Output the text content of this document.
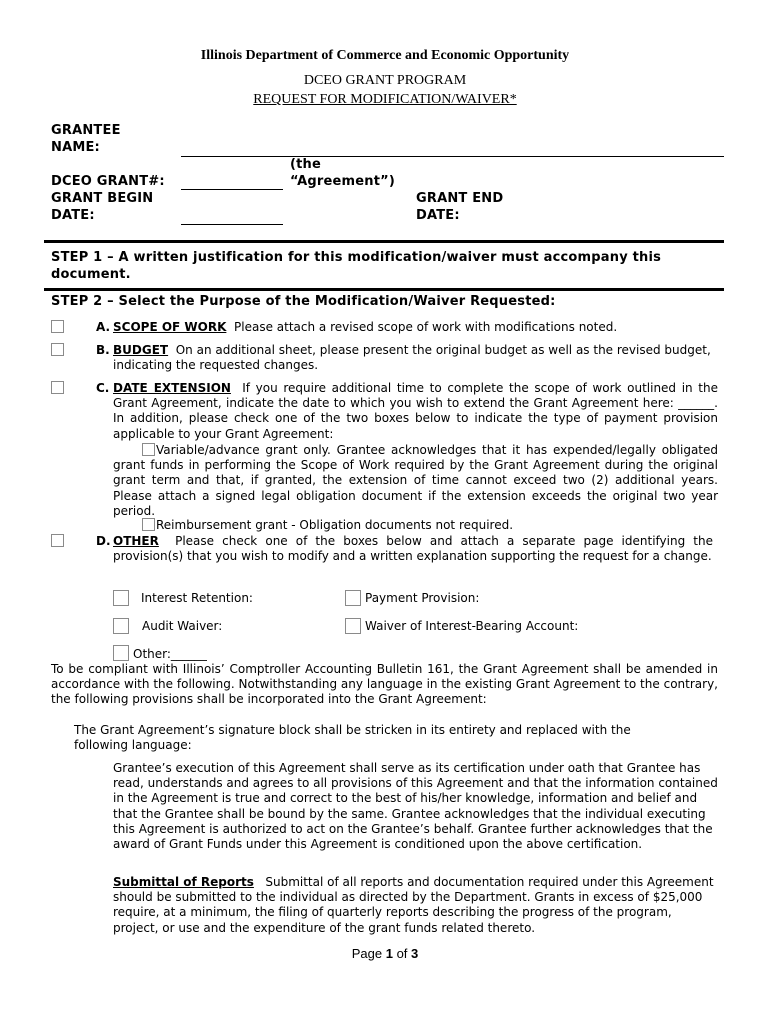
Illinois Department of Commerce and Economic Opportunity
DCEO GRANT PROGRAM
REQUEST FOR MODIFICATION/WAIVER*
GRANTEE
NAME:
(the
“Agreement”)
DCEO GRANT#:
GRANT BEGIN
DATE:
GRANT END
DATE:
STEP 1 – A written justification for this modification/waiver must accompany this
document.
STEP 2 – Select the Purpose of the Modification/Waiver Requested:
A. SCOPE OF WORK Please attach a revised scope of work with modifications noted.
B. BUDGET On an additional sheet, please present the original budget as well as the revised budget, indicating the requested changes.
C. DATE EXTENSION If you require additional time to complete the scope of work outlined in the Grant Agreement, indicate the date to which you wish to extend the Grant Agreement here: ______. In addition, please check one of the two boxes below to indicate the type of payment provision applicable to your Grant Agreement:
Variable/advance grant only. Grantee acknowledges that it has expended/legally obligated grant funds in performing the Scope of Work required by the Grant Agreement during the original grant term and that, if granted, the extension of time cannot exceed two (2) additional years. Please attach a signed legal obligation document if the extension exceeds the original two year period.
Reimbursement grant - Obligation documents not required.
D. OTHER Please check one of the boxes below and attach a separate page identifying the provision(s) that you wish to modify and a written explanation supporting the request for a change.
Interest Retention:	Payment Provision:
Audit Waiver:	Waiver of Interest-Bearing Account:
Other:______
To be compliant with Illinois’ Comptroller Accounting Bulletin 161, the Grant Agreement shall be amended in accordance with the following. Notwithstanding any language in the existing Grant Agreement to the contrary, the following provisions shall be incorporated into the Grant Agreement:
The Grant Agreement’s signature block shall be stricken in its entirety and replaced with the following language:
Grantee’s execution of this Agreement shall serve as its certification under oath that Grantee has read, understands and agrees to all provisions of this Agreement and that the information contained in the Agreement is true and correct to the best of his/her knowledge, information and belief and that the Grantee shall be bound by the same. Grantee acknowledges that the individual executing this Agreement is authorized to act on the Grantee’s behalf. Grantee further acknowledges that the award of Grant Funds under this Agreement is conditioned upon the above certification.
Submittal of Reports Submittal of all reports and documentation required under this Agreement should be submitted to the individual as directed by the Department. Grants in excess of $25,000 require, at a minimum, the filing of quarterly reports describing the progress of the program, project, or use and the expenditure of the grant funds related thereto.
Page 1 of 3
